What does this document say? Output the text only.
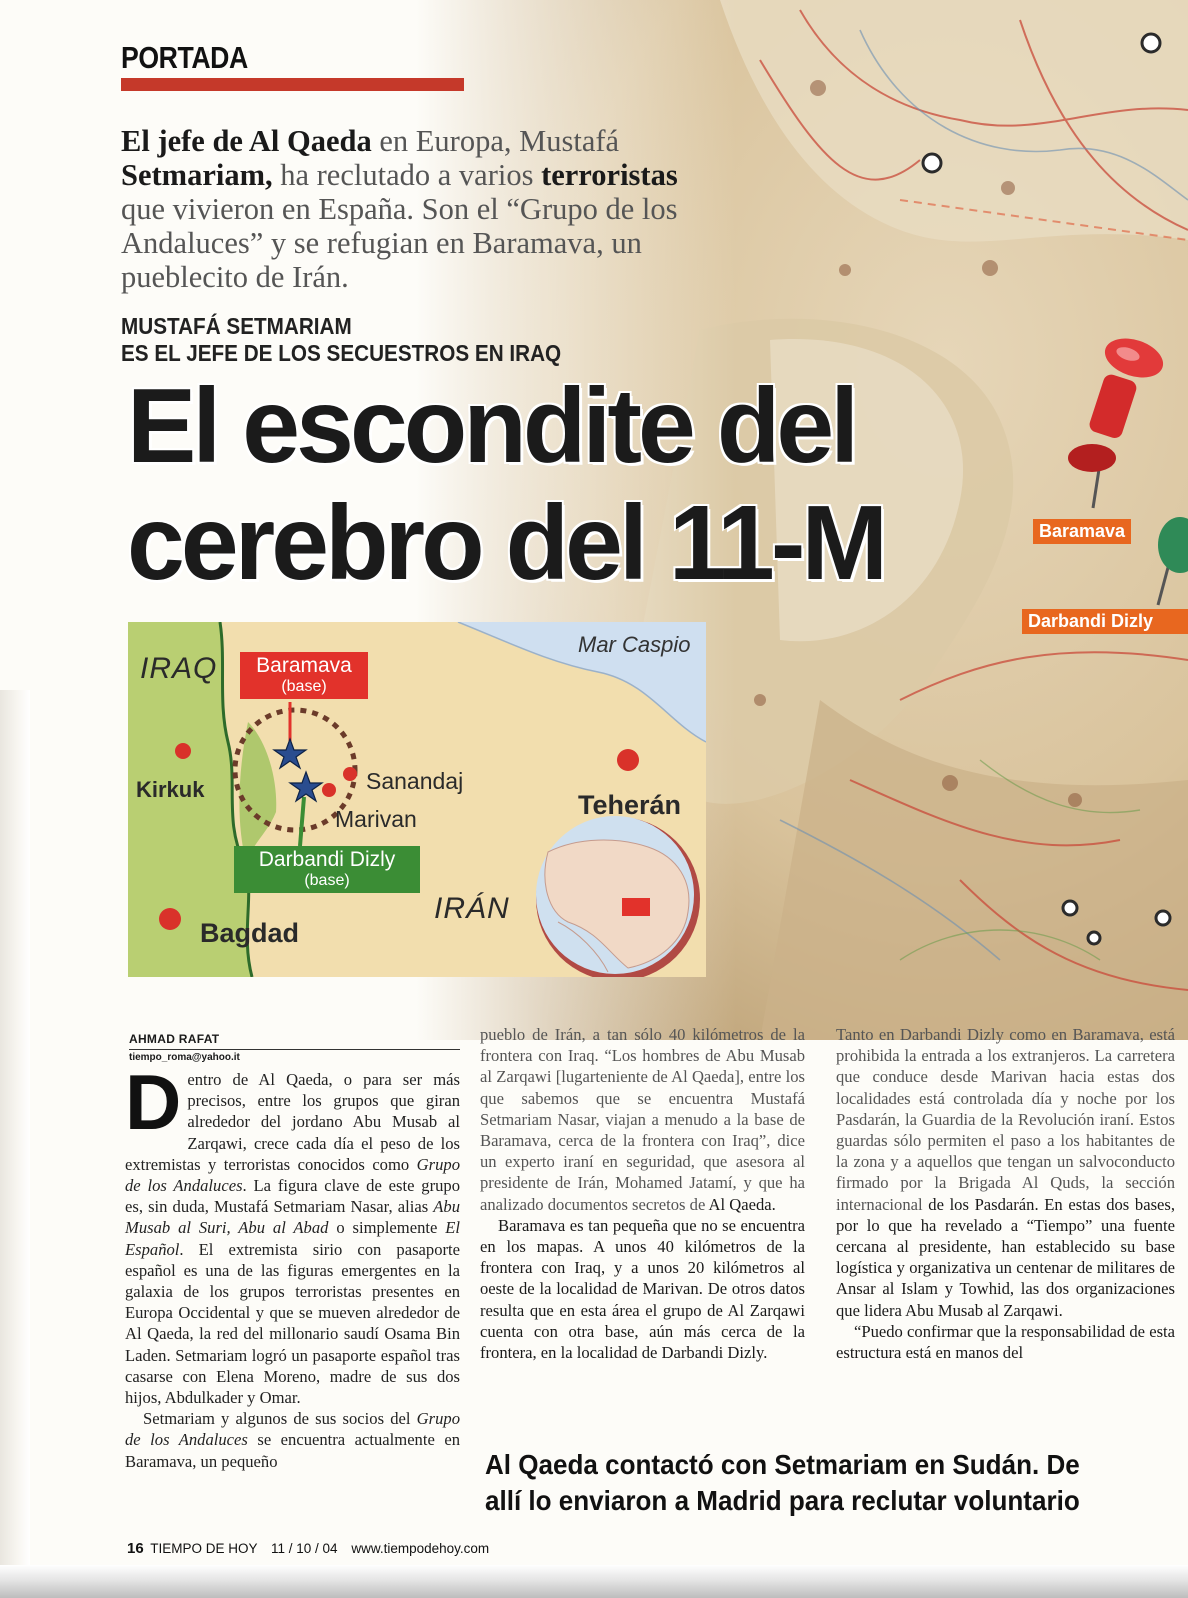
PORTADA
El jefe de Al Qaeda en Europa, Mustafá Setmariam, ha reclutado a varios terroristas que vivieron en España. Son el “Grupo de los Andaluces” y se refugian en Baramava, un pueblecito de Irán.
MUSTAFÁ SETMARIAM
ES EL JEFE DE LOS SECUESTROS EN IRAQ
El escondite del
cerebro del 11-M	Baramava
Darbandi Dizly
IRAQ
Mar Caspio
Baramava
(base)
Kirkuk	Sanandaj
Marivan	Teherán
Darbandi Dizly
(base)
IRÁN
Bagdad
AHMAD RAFAT
tiempo_roma@yahoo.it

Dentro de Al Qaeda, o para ser más precisos, entre los grupos que giran alrededor del jordano Abu Musab al Zarqawi, crece cada día el peso de los extremistas y terroristas conocidos como Grupo de los Andaluces. La figura clave de este grupo es, sin duda, Mustafá Setmariam Nasar, alias Abu Musab al Suri, Abu al Abad o simplemente El Español. El extremista sirio con pasaporte español es una de las figuras emergentes en la galaxia de los grupos terroristas presentes en Europa Occidental y que se mueven alrededor de Al Qaeda, la red del millonario saudí Osama Bin Laden. Setmariam logró un pasaporte español tras casarse con Elena Moreno, madre de sus dos hijos, Abdulkader y Omar.

Setmariam y algunos de sus socios del Grupo de los Andaluces se encuentra actualmente en Baramava, un pequeño

pueblo de Irán, a tan sólo 40 kilómetros de la frontera con Iraq. “Los hombres de Abu Musab al Zarqawi [lugarteniente de Al Qaeda], entre los que sabemos que se encuentra Mustafá Setmariam Nasar, viajan a menudo a la base de Baramava, cerca de la frontera con Iraq”, dice un experto iraní en seguridad, que asesora al presidente de Irán, Mohamed Jatamí, y que ha analizado documentos secretos de Al Qaeda.

Baramava es tan pequeña que no se encuentra en los mapas. A unos 40 kilómetros de la frontera con Iraq, y a unos 20 kilómetros al oeste de la localidad de Marivan. De otros datos resulta que en esta área el grupo de Al Zarqawi cuenta con otra base, aún más cerca de la frontera, en la localidad de Darbandi Dizly.

Tanto en Darbandi Dizly como en Baramava, está prohibida la entrada a los extranjeros. La carretera que conduce desde Marivan hacia estas dos localidades está controlada día y noche por los Pasdarán, la Guardia de la Revolución iraní. Estos guardas sólo permiten el paso a los habitantes de la zona y a aquellos que tengan un salvoconducto firmado por la Brigada Al Quds, la sección internacional de los Pasdarán. En estas dos bases, por lo que ha revelado a “Tiempo” una fuente cercana al presidente, han establecido su base logística y organizativa un centenar de militares de Ansar al Islam y Towhid, las dos organizaciones que lidera Abu Musab al Zarqawi.

“Puedo confirmar que la responsabilidad de esta estructura está en manos del

Al Qaeda contactó con Setmariam en Sudán. De
allí lo enviaron a Madrid para reclutar voluntario
16 TIEMPO DE HOY 11 / 10 / 04 www.tiempodehoy.com
